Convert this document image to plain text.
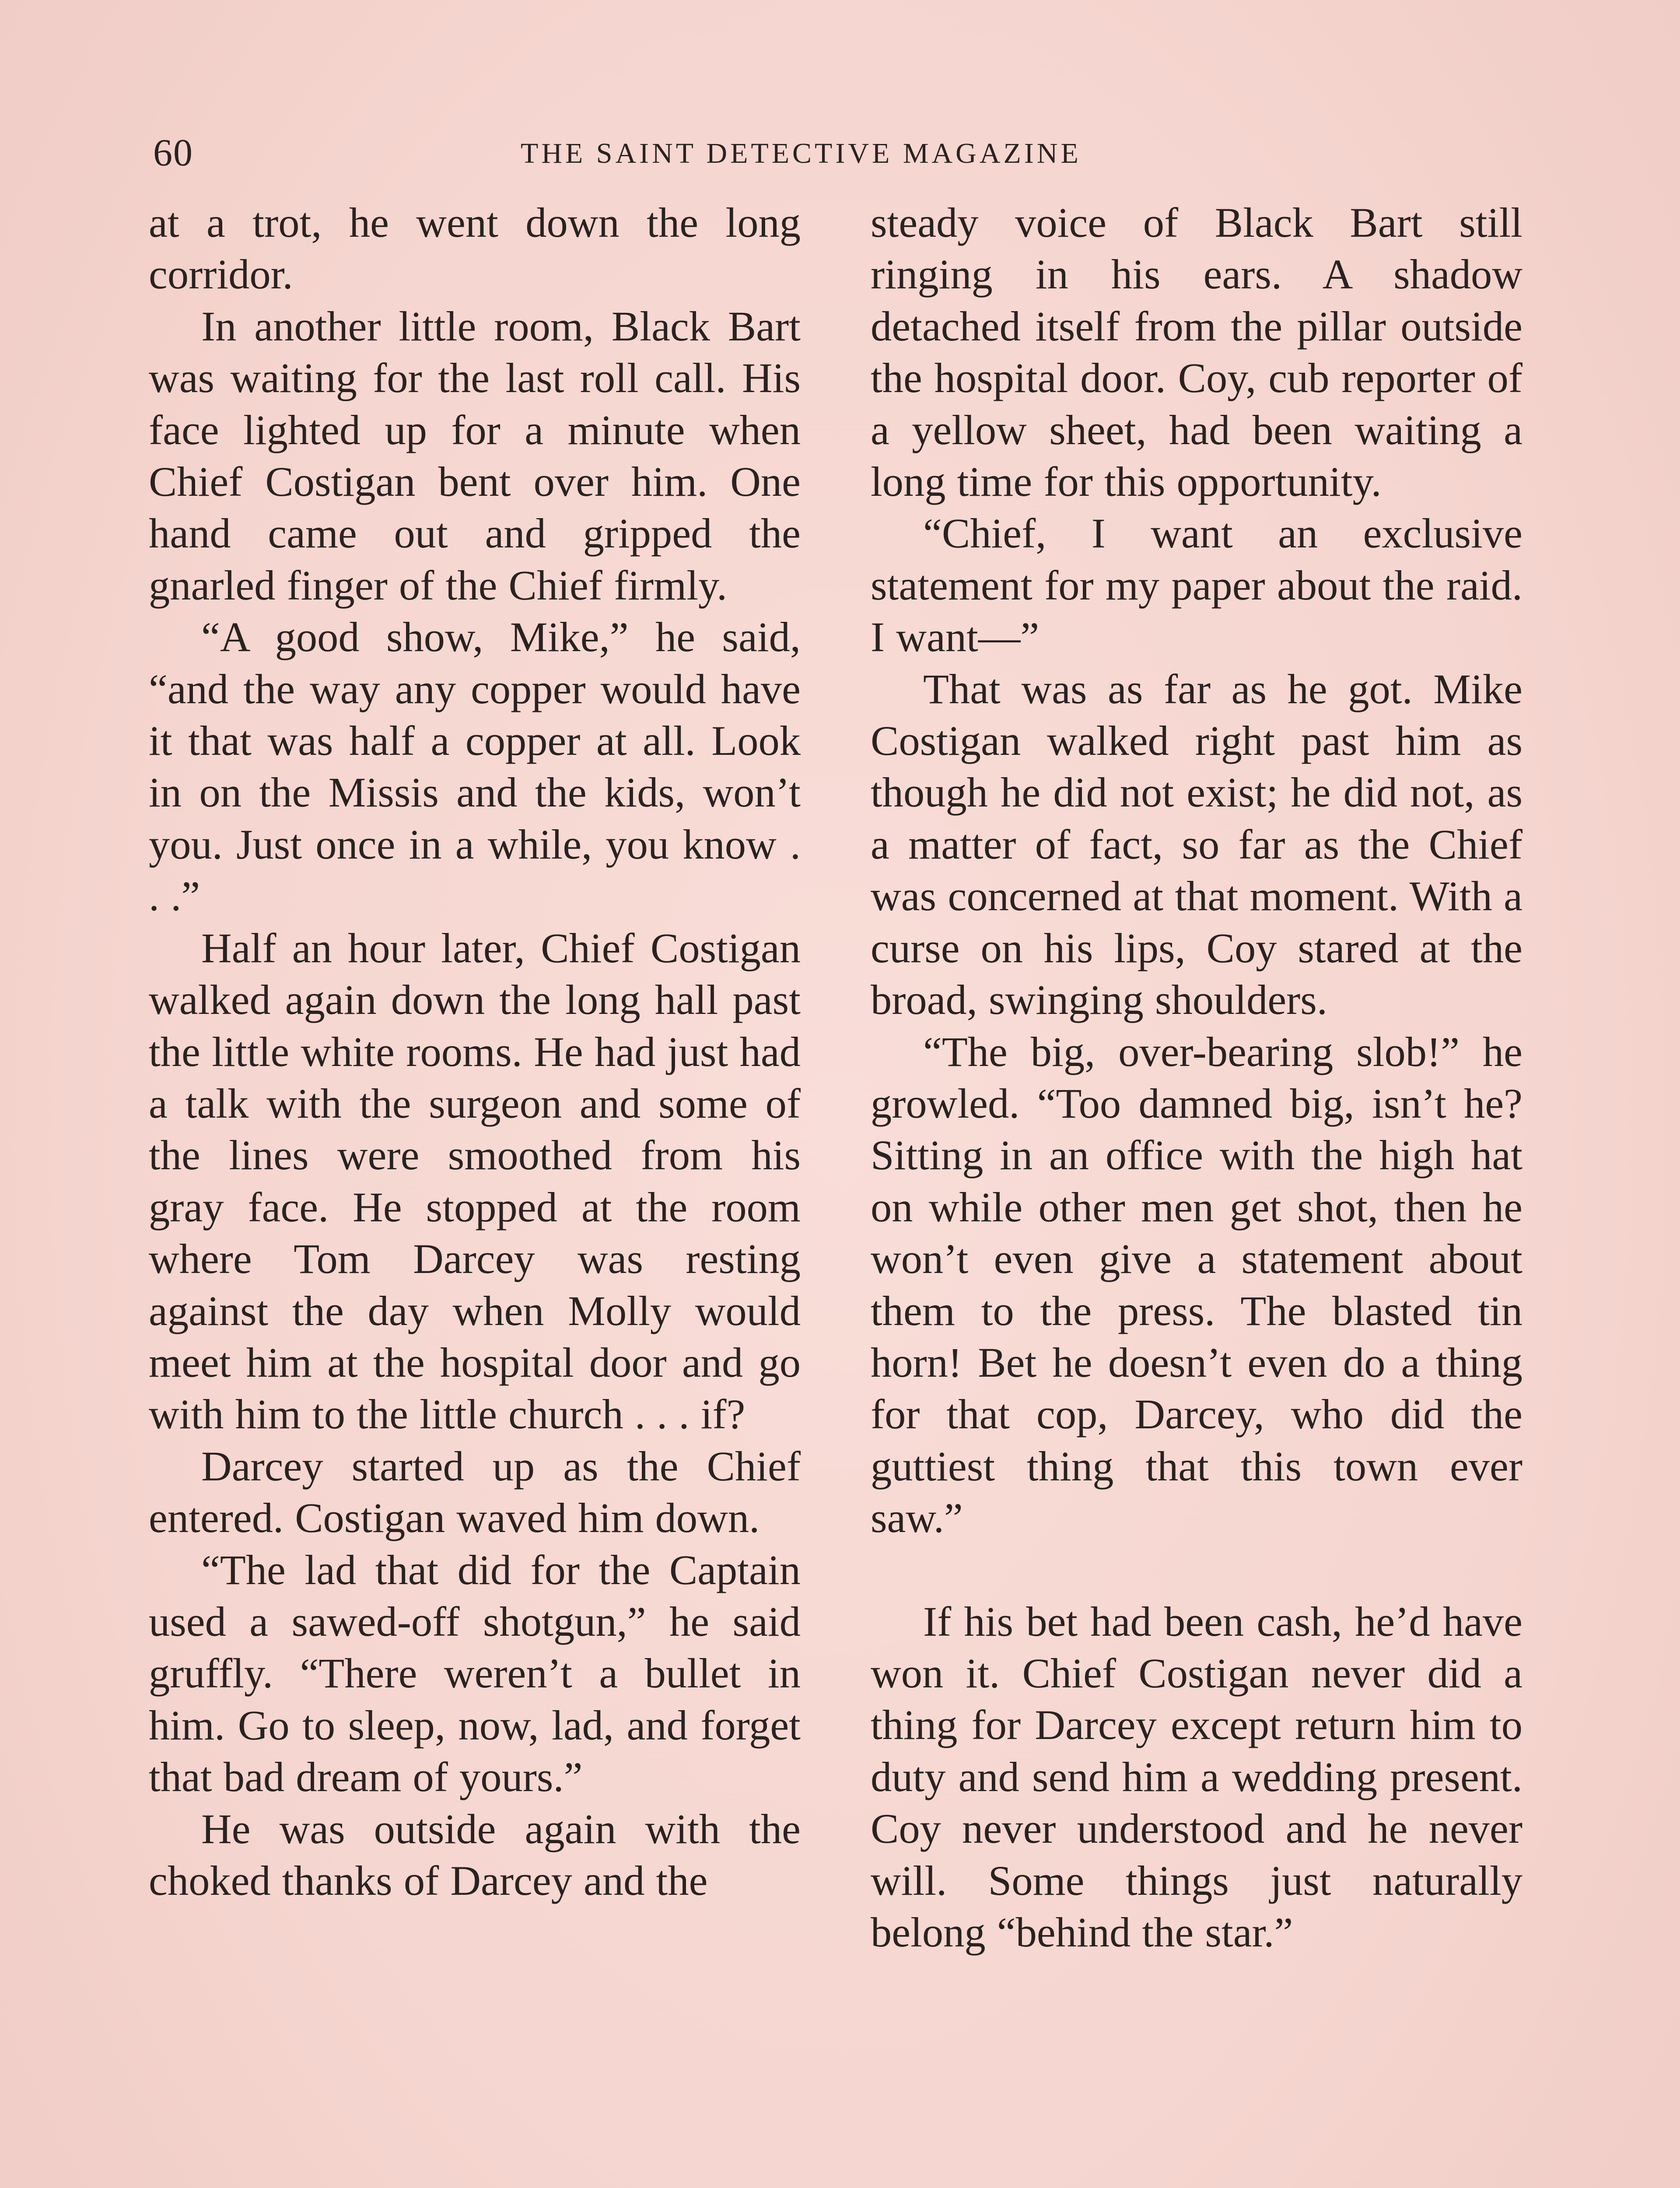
60	THE SAINT DETECTIVE MAGAZINE

at a trot, he went down the long corridor.

In another little room, Black Bart was waiting for the last roll call. His face lighted up for a minute when Chief Costigan bent over him. One hand came out and gripped the gnarled finger of the Chief firmly.

“A good show, Mike,” he said, “and the way any copper would have it that was half a copper at all. Look in on the Missis and the kids, won’t you. Just once in a while, you know . . .”

Half an hour later, Chief Costigan walked again down the long hall past the little white rooms. He had just had a talk with the surgeon and some of the lines were smoothed from his gray face. He stopped at the room where Tom Darcey was resting against the day when Molly would meet him at the hospital door and go with him to the little church . . . if?

Darcey started up as the Chief entered. Costigan waved him down.

“The lad that did for the Captain used a sawed-off shotgun,” he said gruffly. “There weren’t a bullet in him. Go to sleep, now, lad, and forget that bad dream of yours.”

He was outside again with the choked thanks of Darcey and the

steady voice of Black Bart still ringing in his ears. A shadow detached itself from the pillar outside the hospital door. Coy, cub reporter of a yellow sheet, had been waiting a long time for this opportunity.

“Chief, I want an exclusive statement for my paper about the raid. I want—”

That was as far as he got. Mike Costigan walked right past him as though he did not exist; he did not, as a matter of fact, so far as the Chief was concerned at that moment. With a curse on his lips, Coy stared at the broad, swinging shoulders.

“The big, over-bearing slob!” he growled. “Too damned big, isn’t he? Sitting in an office with the high hat on while other men get shot, then he won’t even give a statement about them to the press. The blasted tin horn! Bet he doesn’t even do a thing for that cop, Darcey, who did the guttiest thing that this town ever saw.”

If his bet had been cash, he’d have won it. Chief Costigan never did a thing for Darcey except return him to duty and send him a wedding present. Coy never understood and he never will. Some things just naturally belong “behind the star.”
